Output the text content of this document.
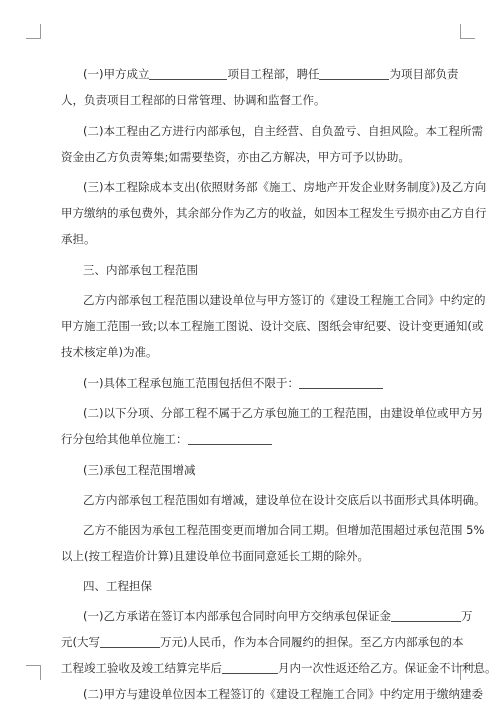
(一)甲方成立	项目工程部，聘任	为项目部负责
人，负责项目工程部的日常管理、协调和监督工作。
(二)本工程由乙方进行内部承包，自主经营、自负盈亏、自担风险。本工程所需
资金由乙方负责筹集;如需要垫资，亦由乙方解决，甲方可予以协助。
(三)本工程除成本支出(依照财务部《施工、房地产开发企业财务制度》)及乙方向
甲方缴纳的承包费外，其余部分作为乙方的收益，如因本工程发生亏损亦由乙方自行
承担。
三、内部承包工程范围
乙方内部承包工程范围以建设单位与甲方签订的《建设工程施工合同》中约定的
甲方施工范围一致;以本工程施工图说、设计交底、图纸会审纪要、设计变更通知(或
技术核定单)为准。
(一)具体工程承包施工范围包括但不限于：
(二)以下分项、分部工程不属于乙方承包施工的工程范围，由建设单位或甲方另
行分包给其他单位施工：
(三)承包工程范围增减
乙方内部承包工程范围如有增减，建设单位在设计交底后以书面形式具体明确。
乙方不能因为承包工程范围变更而增加合同工期。但增加范围超过承包范围 5%
以上(按工程造价计算)且建设单位书面同意延长工期的除外。
四、工程担保
(一)乙方承诺在签订本内部承包合同时向甲方交纳承包保证金	万
元(大写	万元)人民币，作为本合同履约的担保。至乙方内部承包的本
工程竣工验收及竣工结算完毕后	月内一次性返还给乙方。保证金不计利息。
(二)甲方与建设单位因本工程签订的《建设工程施工合同》中约定用于缴纳建委
